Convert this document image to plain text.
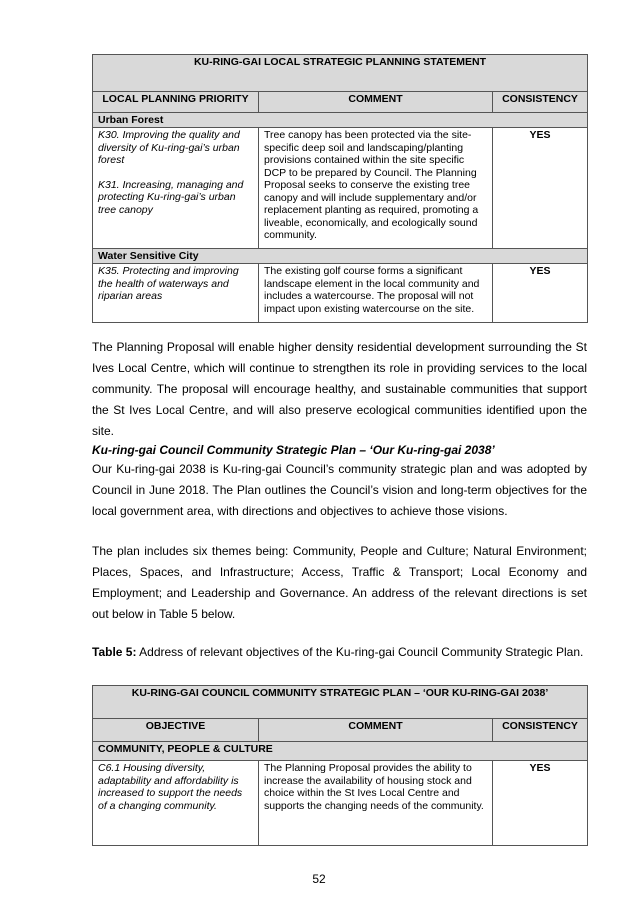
KU-RING-GAI LOCAL STRATEGIC PLANNING STATEMENT		
LOCAL PLANNING PRIORITY	COMMENT	CONSISTENCY
Urban Forest		

K30. Improving the quality and diversity of Ku-ring-gai’s urban forest

K31. Increasing, managing and protecting Ku-ring-gai’s urban tree canopy	Tree canopy has been protected via the site-specific deep soil and landscaping/planting provisions contained within the site specific DCP to be prepared by Council. The Planning Proposal seeks to conserve the existing tree canopy and will include supplementary and/or replacement planting as required, promoting a liveable, economically, and ecologically sound community.	YES
Water Sensitive City		

K35. Protecting and improving the health of waterways and riparian areas	The existing golf course forms a significant landscape element in the local community and includes a watercourse. The proposal will not impact upon existing watercourse on the site.	YES

The Planning Proposal will enable higher density residential development surrounding the St Ives Local Centre, which will continue to strengthen its role in providing services to the local community. The proposal will encourage healthy, and sustainable communities that support the St Ives Local Centre, and will also preserve ecological communities identified upon the site.

Ku-ring-gai Council Community Strategic Plan – ‘Our Ku-ring-gai 2038’

Our Ku-ring-gai 2038 is Ku-ring-gai Council’s community strategic plan and was adopted by Council in June 2018. The Plan outlines the Council’s vision and long-term objectives for the local government area, with directions and objectives to achieve those visions.

The plan includes six themes being: Community, People and Culture; Natural Environment; Places, Spaces, and Infrastructure; Access, Traffic & Transport; Local Economy and Employment; and Leadership and Governance. An address of the relevant directions is set out below in Table 5 below.

Table 5: Address of relevant objectives of the Ku-ring-gai Council Community Strategic Plan.

KU-RING-GAI COUNCIL COMMUNITY STRATEGIC PLAN – ‘OUR KU-RING-GAI 2038’		
OBJECTIVE	COMMENT	CONSISTENCY
COMMUNITY, PEOPLE & CULTURE		

C6.1 Housing diversity, adaptability and affordability is increased to support the needs of a changing community.	The Planning Proposal provides the ability to increase the availability of housing stock and choice within the St Ives Local Centre and supports the changing needs of the community.	YES

52
